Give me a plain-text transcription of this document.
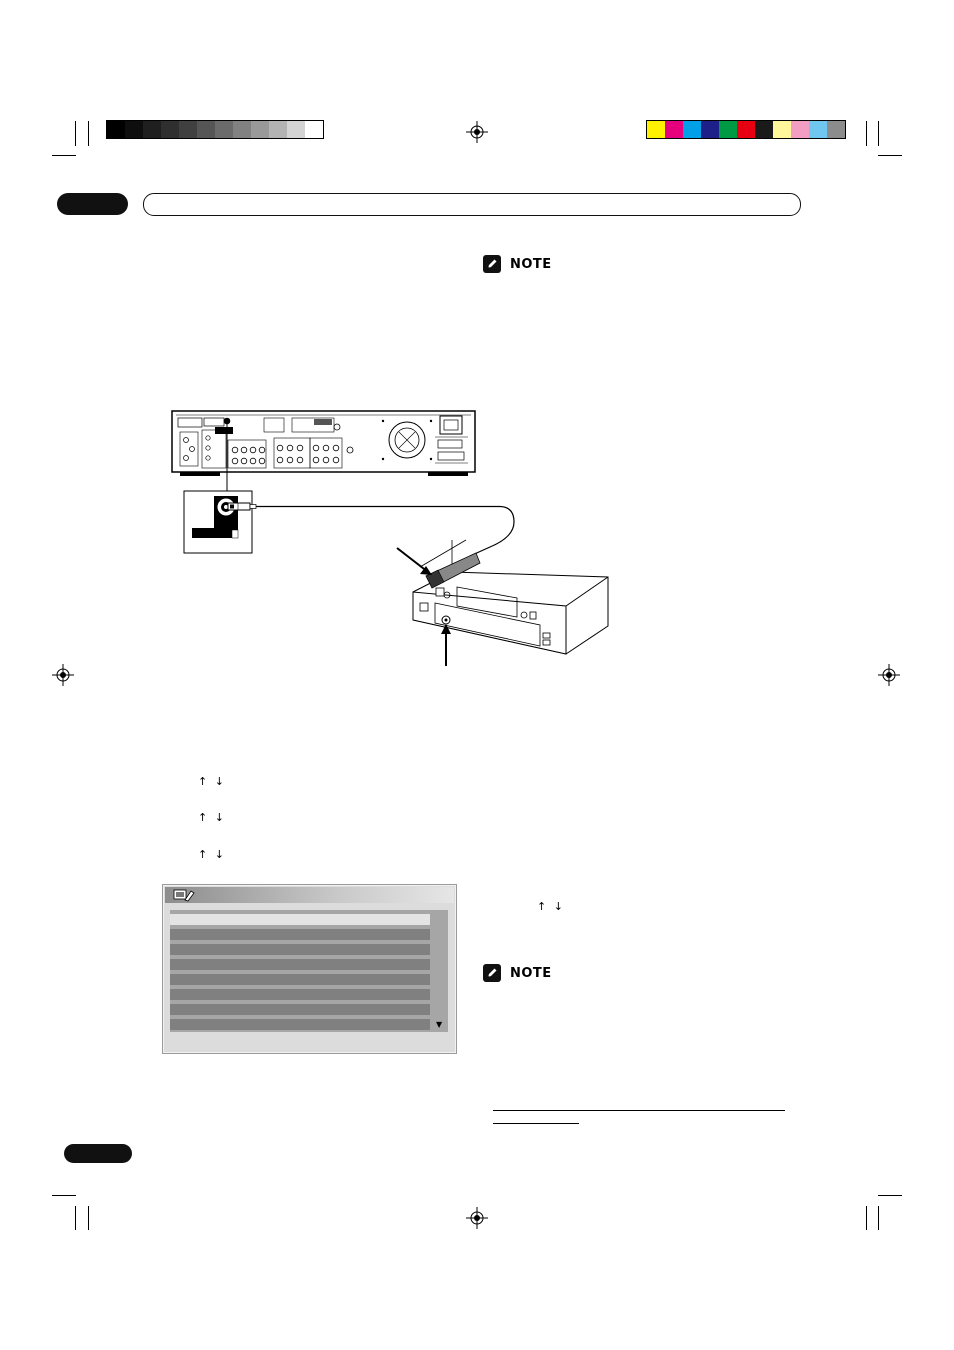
NOTE
↑ ↓
↑ ↓
↑ ↓
↑ ↓
▼
NOTE
